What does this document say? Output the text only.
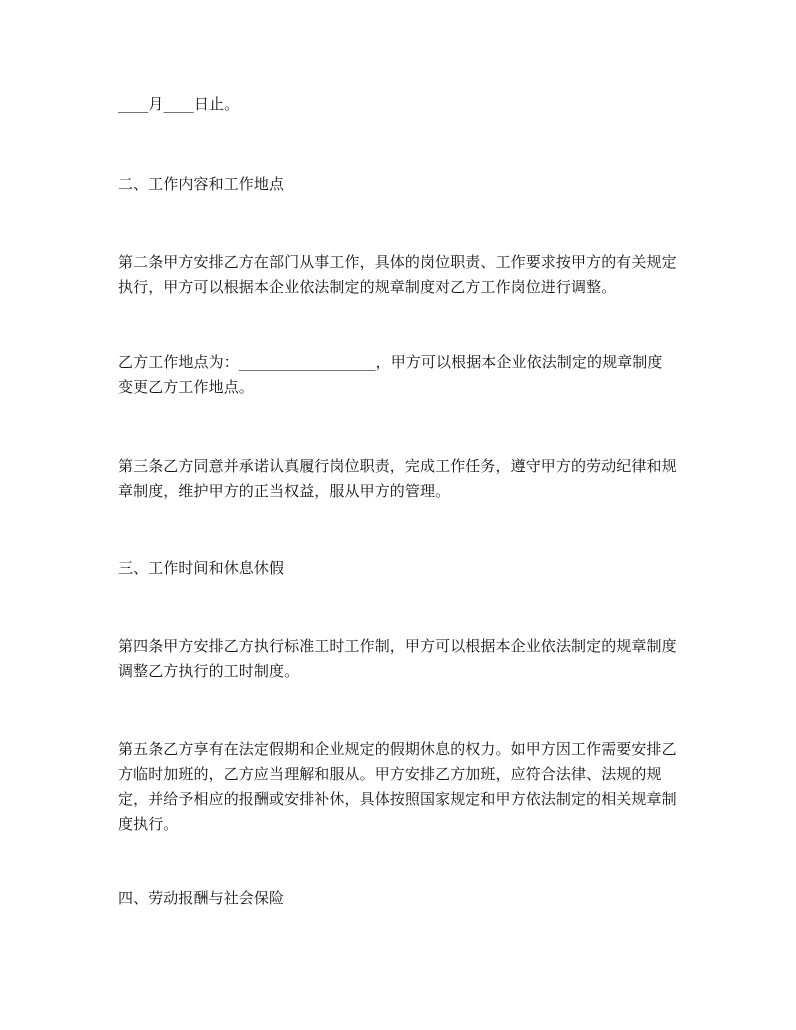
____月____日止。

二、工作内容和工作地点

第二条甲方安排乙方在部门从事工作，具体的岗位职责、工作要求按甲方的有关规定执行，甲方可以根据本企业依法制定的规章制度对乙方工作岗位进行调整。

乙方工作地点为：__________________，甲方可以根据本企业依法制定的规章制度
变更乙方工作地点。

第三条乙方同意并承诺认真履行岗位职责，完成工作任务，遵守甲方的劳动纪律和规章制度，维护甲方的正当权益，服从甲方的管理。

三、工作时间和休息休假

第四条甲方安排乙方执行标准工时工作制，甲方可以根据本企业依法制定的规章制度调整乙方执行的工时制度。

第五条乙方享有在法定假期和企业规定的假期休息的权力。如甲方因工作需要安排乙方临时加班的，乙方应当理解和服从。甲方安排乙方加班，应符合法律、法规的规定，并给予相应的报酬或安排补休，具体按照国家规定和甲方依法制定的相关规章制度执行。

四、劳动报酬与社会保险
